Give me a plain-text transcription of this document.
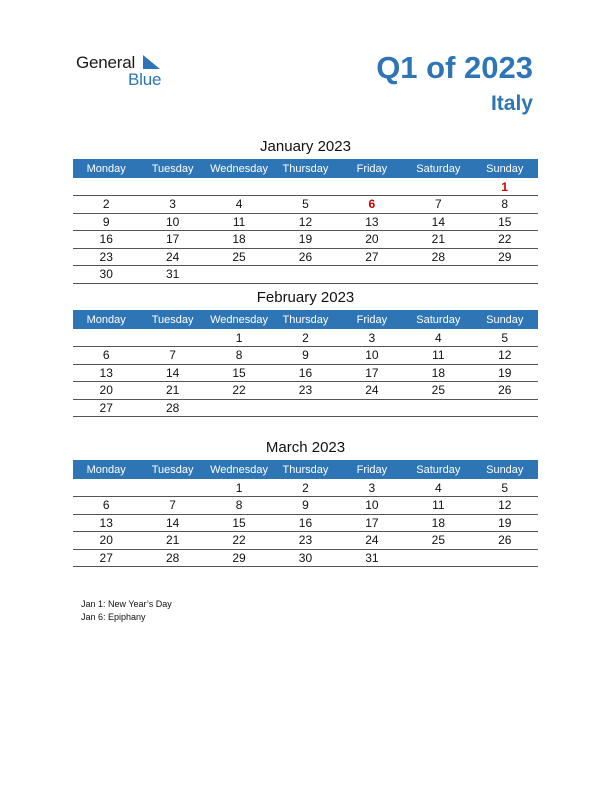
General
Blue	Q1 of 2023
Italy
January 2023
Monday	Tuesday	Wednesday	Thursday	Friday	Saturday	Sunday
						1
2	3	4	5	6	7	8
9	10	11	12	13	14	15
16	17	18	19	20	21	22
23	24	25	26	27	28	29
30	31					
February 2023
Monday	Tuesday	Wednesday	Thursday	Friday	Saturday	Sunday
		1	2	3	4	5
6	7	8	9	10	11	12
13	14	15	16	17	18	19
20	21	22	23	24	25	26
27	28					
March 2023
Monday	Tuesday	Wednesday	Thursday	Friday	Saturday	Sunday
		1	2	3	4	5
6	7	8	9	10	11	12
13	14	15	16	17	18	19
20	21	22	23	24	25	26
27	28	29	30	31		
Jan 1: New Year’s Day
Jan 6: Epiphany
